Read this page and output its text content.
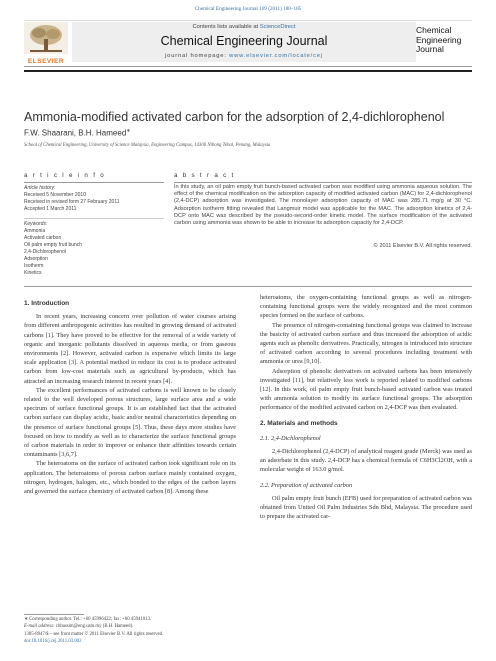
Chemical Engineering Journal 169 (2011) 180–185
ELSEVIER
Contents lists available at ScienceDirect
Chemical Engineering Journal
journal homepage: www.elsevier.com/locate/cej
Chemical
Engineering
Journal
Ammonia-modified activated carbon for the adsorption of 2,4-dichlorophenol
F.W. Shaarani, B.H. Hameed∗
School of Chemical Engineering, University of Science Malaysia, Engineering Campus, 14300 Nibong Tebal, Penang, Malaysia
a r t i c l e i n f o	a b s t r a c t
Article history:
Received 5 November 2010
Received in revised form 27 February 2011
Accepted 1 March 2011
Keywords:
Ammonia
Activated carbon
Oil palm empty fruit bunch
2,4-Dichlorophenol
Adsorption
Isotherm
Kinetics
In this study, an oil palm empty fruit bunch-based activated carbon was modified using ammonia aqueous solution. The effect of the chemical modification on the adsorption capacity of modified activated carbon (MAC) for 2,4-dichlorophenol (2,4-DCP) adsorption was investigated. The monolayer adsorption capacity of MAC was 285.71 mg/g at 30 °C. Adsorption isotherm fitting revealed that Langmuir model was applicable for the MAC. The adsorption kinetics of 2,4-DCP onto MAC was described by the pseudo-second-order kinetic model. The surface modification of the activated carbon using ammonia was shown to be able to increase its adsorption capacity for 2,4-DCP.
© 2011 Elsevier B.V. All rights reserved.
1. Introduction

In recent years, increasing concern over pollution of water courses arising from different anthropogenic activities has resulted in growing demand of activated carbons [1]. They have proved to be effective for the removal of a wide variety of organic and inorganic pollutants dissolved in aqueous media, or from gaseous environments [2]. However, activated carbon is expensive which limits its large scale application [3]. A potential method to reduce its cost is to produce activated carbon from low-cost materials such as agricultural by-products, which has attracted an increasing research interest in recent years [4].

The excellent performances of activated carbons is well known to be closely related to the well developed porous structures, large surface area and a wide spectrum of surface functional groups. It is an established fact that the activated carbon surface can display acidic, basic and/or neutral characteristics depending on the presence of surface functional groups [5]. Thus, these days more studies have focused on how to modify as well as to characterize the surface functional groups of carbon materials in order to improve or enhance their affinities towards certain contaminants [3,6,7].

The heteroatoms on the surface of activated carbon took significant role on its application. The heteroatoms of porous carbon surface mainly contained oxygen, nitrogen, hydrogen, halogen, etc., which bonded to the edges of the carbon layers and governed the surface chemistry of activated carbon [8]. Among these

heteroatoms, the oxygen-containing functional groups as well as nitrogen-containing functional groups were the widely recognized and the most common species formed on the surface of carbons.

The presence of nitrogen-containing functional groups was claimed to increase the basicity of activated carbon surface and thus increased the adsorption of acidic agents such as phenolic derivatives. Practically, nitrogen is introduced into structure of activated carbon according to several procedures including treatment with ammonia or urea [9,10].

Adsorption of phenolic derivatives on activated carbons has been intensively investigated [11], but relatively less work is reported related to modified carbons [12]. In this work, oil palm empty fruit bunch-based activated carbon was treated with ammonia solution to modify its surface functional groups. The adsorption performance of the modified activated carbon on 2,4-DCP was then evaluated.

2. Materials and methods
2.1. 2,4-Dichlorophenol

2,4-Dichlorophenol (2,4-DCP) of analytical reagent grade (Merck) was used as an adsorbate in this study. 2,4-DCP has a chemical formula of C6H3Cl2OH, with a molecular weight of 163.0 g/mol.

2.2. Preparation of activated carbon

Oil palm empty fruit bunch (EFB) used for preparation of activated carbon was obtained from United Oil Palm Industries Sdn Bhd, Malaysia. The procedure used to prepare the activated car-

∗ Corresponding author. Tel.: +60 45996422; fax: +60 45941013.
E-mail address: chbassim@eng.usm.my (B.H. Hameed).
1385-8947/$ – see front matter © 2011 Elsevier B.V. All rights reserved.
doi:10.1016/j.cej.2011.03.002
